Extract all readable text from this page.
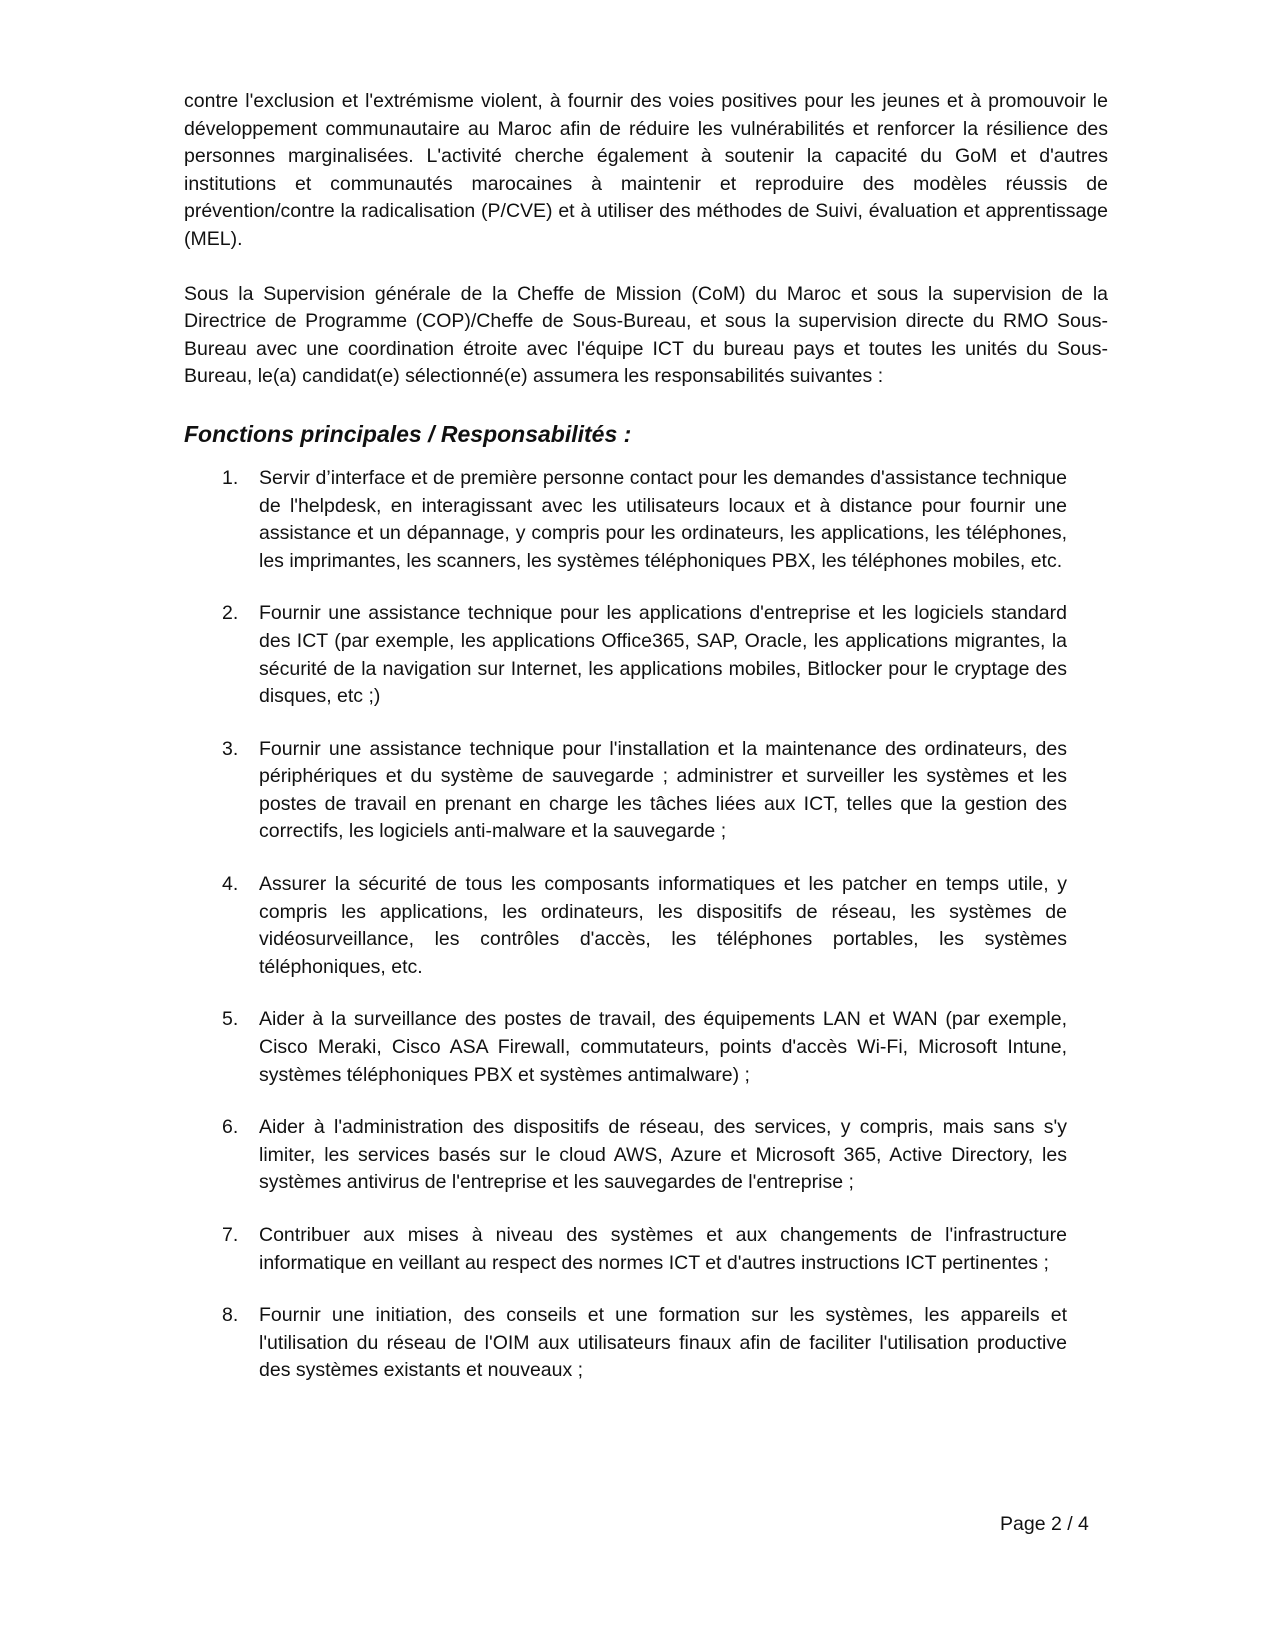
contre l'exclusion et l'extrémisme violent, à fournir des voies positives pour les jeunes et à promouvoir le développement communautaire au Maroc afin de réduire les vulnérabilités et renforcer la résilience des personnes marginalisées. L'activité cherche également à soutenir la capacité du GoM et d'autres institutions et communautés marocaines à maintenir et reproduire des modèles réussis de prévention/contre la radicalisation (P/CVE) et à utiliser des méthodes de Suivi, évaluation et apprentissage (MEL).

Sous la Supervision générale de la Cheffe de Mission (CoM) du Maroc et sous la supervision de la Directrice de Programme (COP)/Cheffe de Sous-Bureau, et sous la supervision directe du RMO Sous-Bureau avec une coordination étroite avec l'équipe ICT du bureau pays et toutes les unités du Sous-Bureau, le(a) candidat(e) sélectionné(e) assumera les responsabilités suivantes :

Fonctions principales / Responsabilités :
1.	Servir d’interface et de première personne contact pour les demandes d'assistance technique de l'helpdesk, en interagissant avec les utilisateurs locaux et à distance pour fournir une assistance et un dépannage, y compris pour les ordinateurs, les applications, les téléphones, les imprimantes, les scanners, les systèmes téléphoniques PBX, les téléphones mobiles, etc.
2.	Fournir une assistance technique pour les applications d'entreprise et les logiciels standard des ICT (par exemple, les applications Office365, SAP, Oracle, les applications migrantes, la sécurité de la navigation sur Internet, les applications mobiles, Bitlocker pour le cryptage des disques, etc ;)
3.	Fournir une assistance technique pour l'installation et la maintenance des ordinateurs, des périphériques et du système de sauvegarde ; administrer et surveiller les systèmes et les postes de travail en prenant en charge les tâches liées aux ICT, telles que la gestion des correctifs, les logiciels anti-malware et la sauvegarde ;
4.	Assurer la sécurité de tous les composants informatiques et les patcher en temps utile, y compris les applications, les ordinateurs, les dispositifs de réseau, les systèmes de vidéosurveillance, les contrôles d'accès, les téléphones portables, les systèmes téléphoniques, etc.
5.	Aider à la surveillance des postes de travail, des équipements LAN et WAN (par exemple, Cisco Meraki, Cisco ASA Firewall, commutateurs, points d'accès Wi-Fi, Microsoft Intune, systèmes téléphoniques PBX et systèmes antimalware) ;
6.	Aider à l'administration des dispositifs de réseau, des services, y compris, mais sans s'y limiter, les services basés sur le cloud AWS, Azure et Microsoft 365, Active Directory, les systèmes antivirus de l'entreprise et les sauvegardes de l'entreprise ;
7.	Contribuer aux mises à niveau des systèmes et aux changements de l'infrastructure informatique en veillant au respect des normes ICT et d'autres instructions ICT pertinentes ;
8.	Fournir une initiation, des conseils et une formation sur les systèmes, les appareils et l'utilisation du réseau de l'OIM aux utilisateurs finaux afin de faciliter l'utilisation productive des systèmes existants et nouveaux ;
Page 2 / 4
